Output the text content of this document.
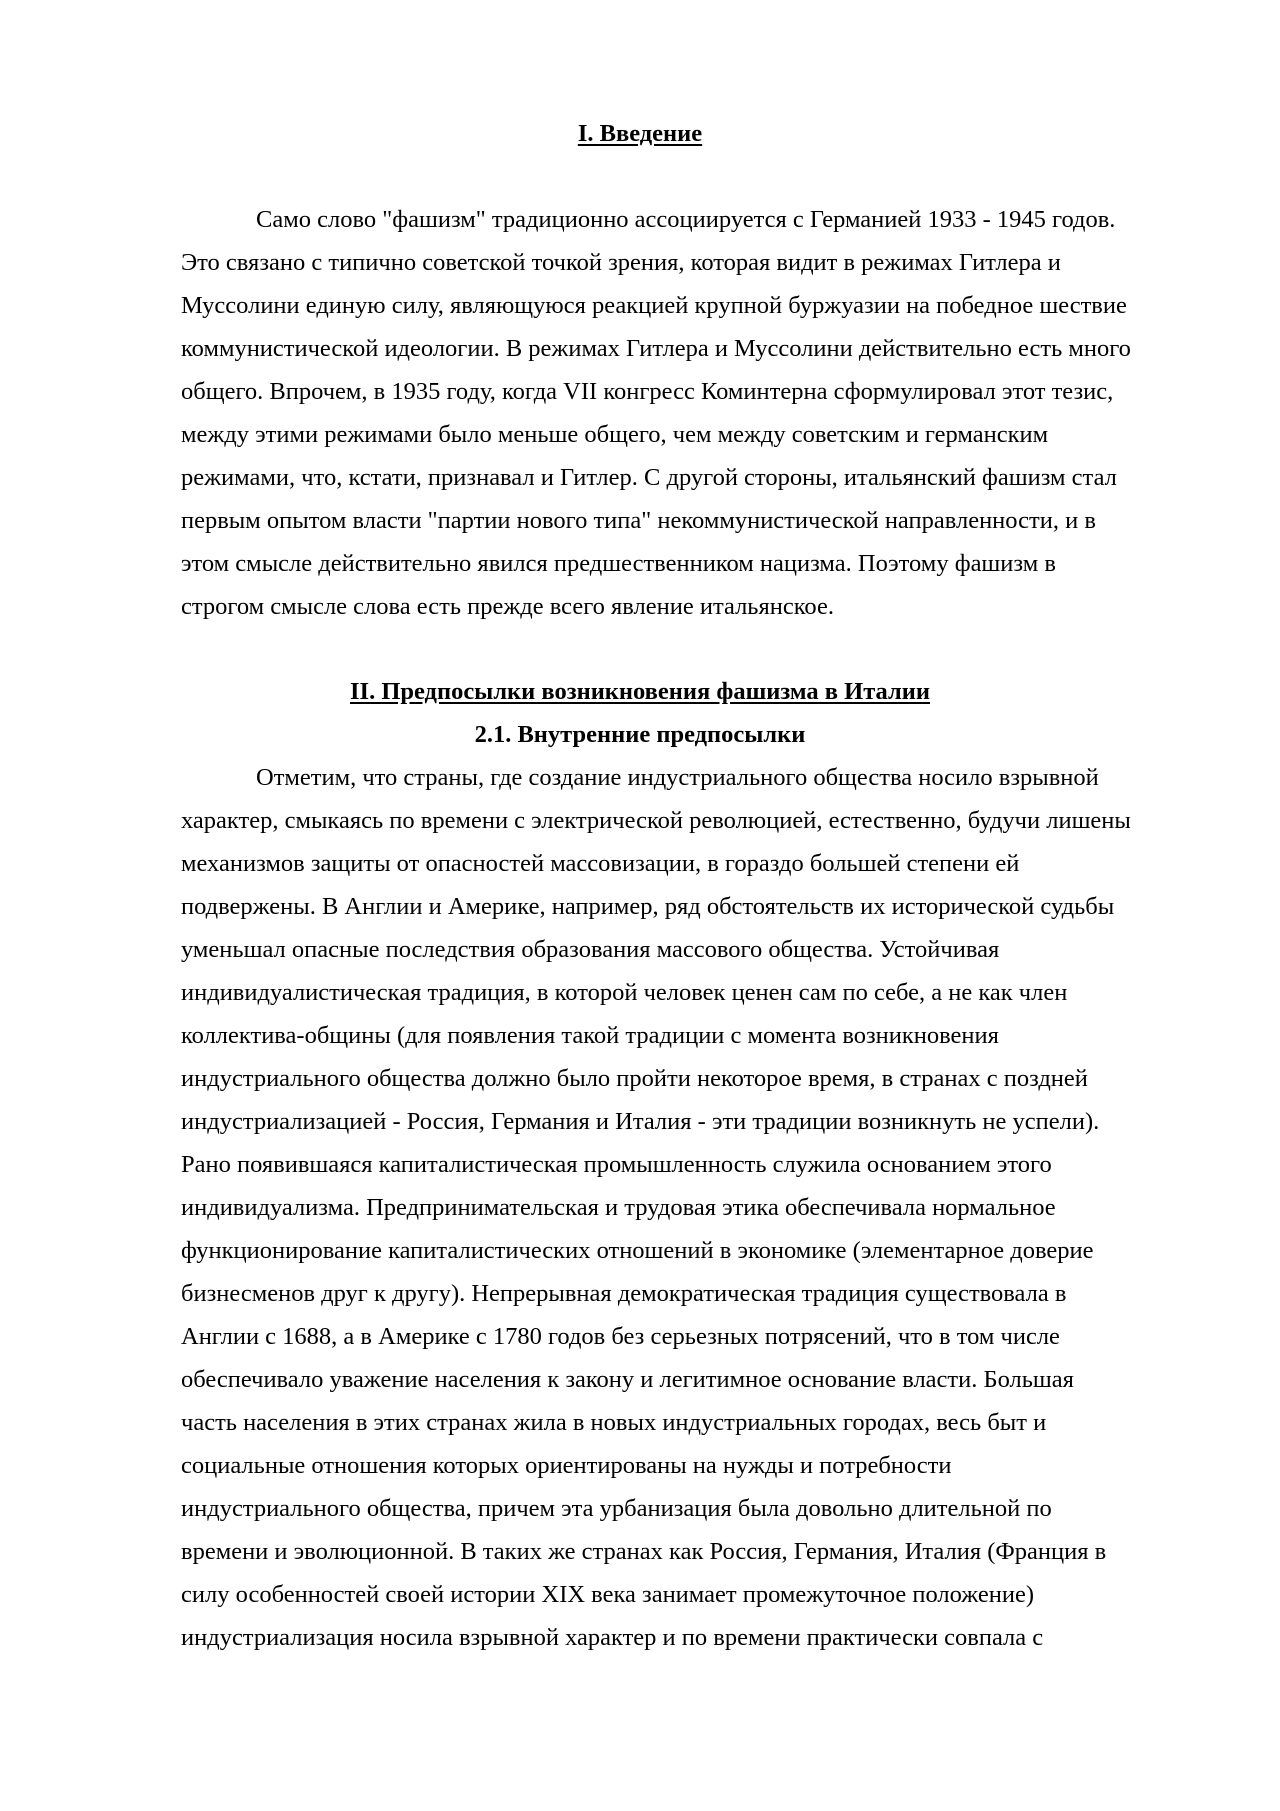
I. Введение
Само слово "фашизм" традиционно ассоциируется с Германией 1933 - 1945 годов.
Это связано с типично советской точкой зрения, которая видит в режимах Гитлера и
Муссолини единую силу, являющуюся реакцией крупной буржуазии на победное шествие
коммунистической идеологии. В режимах Гитлера и Муссолини действительно есть много
общего. Впрочем, в 1935 году, когда VII конгресс Коминтерна сформулировал этот тезис,
между этими режимами было меньше общего, чем между советским и германским
режимами, что, кстати, признавал и Гитлер. С другой стороны, итальянский фашизм стал
первым опытом власти "партии нового типа" некоммунистической направленности, и в
этом смысле действительно явился предшественником нацизма. Поэтому фашизм в
строгом смысле слова есть прежде всего явление итальянское.
II. Предпосылки возникновения фашизма в Италии
2.1. Внутренние предпосылки
Отметим, что страны, где создание индустриального общества носило взрывной
характер, смыкаясь по времени с электрической революцией, естественно, будучи лишены
механизмов защиты от опасностей массовизации, в гораздо большей степени ей
подвержены. В Англии и Америке, например, ряд обстоятельств их исторической судьбы
уменьшал опасные последствия образования массового общества. Устойчивая
индивидуалистическая традиция, в которой человек ценен сам по себе, а не как член
коллектива-общины (для появления такой традиции с момента возникновения
индустриального общества должно было пройти некоторое время, в странах с поздней
индустриализацией - Россия, Германия и Италия - эти традиции возникнуть не успели).
Рано появившаяся капиталистическая промышленность служила основанием этого
индивидуализма. Предпринимательская и трудовая этика обеспечивала нормальное
функционирование капиталистических отношений в экономике (элементарное доверие
бизнесменов друг к другу). Непрерывная демократическая традиция существовала в
Англии с 1688, а в Америке с 1780 годов без серьезных потрясений, что в том числе
обеспечивало уважение населения к закону и легитимное основание власти. Большая
часть населения в этих странах жила в новых индустриальных городах, весь быт и
социальные отношения которых ориентированы на нужды и потребности
индустриального общества, причем эта урбанизация была довольно длительной по
времени и эволюционной. В таких же странах как Россия, Германия, Италия (Франция в
силу особенностей своей истории XIX века занимает промежуточное положение)
индустриализация носила взрывной характер и по времени практически совпала с
